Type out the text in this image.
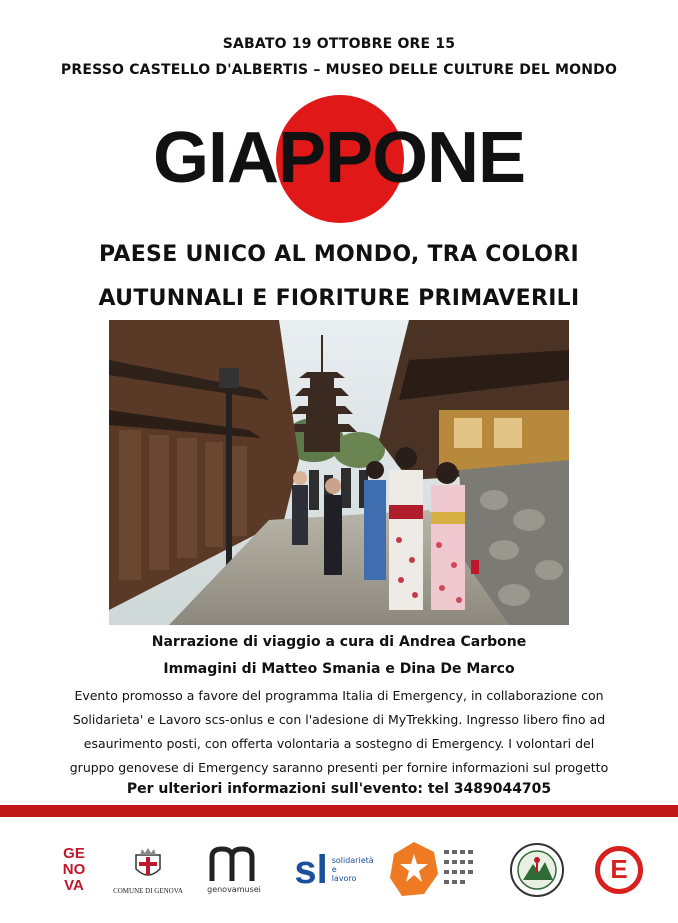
SABATO 19 OTTOBRE ORE 15
PRESSO CASTELLO D'ALBERTIS – MUSEO DELLE CULTURE DEL MONDO
GIAPPONE
PAESE UNICO AL MONDO, TRA COLORI
AUTUNNALI E FIORITURE PRIMAVERILI
Narrazione di viaggio a cura di Andrea Carbone
Immagini di Matteo Smania e Dina De Marco
Evento promosso a favore del programma Italia di Emergency, in collaborazione con
Solidarieta' e Lavoro scs-onlus e con l'adesione di MyTrekking. Ingresso libero fino ad
esaurimento posti, con offerta volontaria a sostegno di Emergency. I volontari del
gruppo genovese di Emergency saranno presenti per fornire informazioni sul progetto
Per ulteriori informazioni sull'evento: tel 3489044705
GE
NO
VA	COMUNE DI GENOVA	genovamusei sl solidarietà e lavoro	E
